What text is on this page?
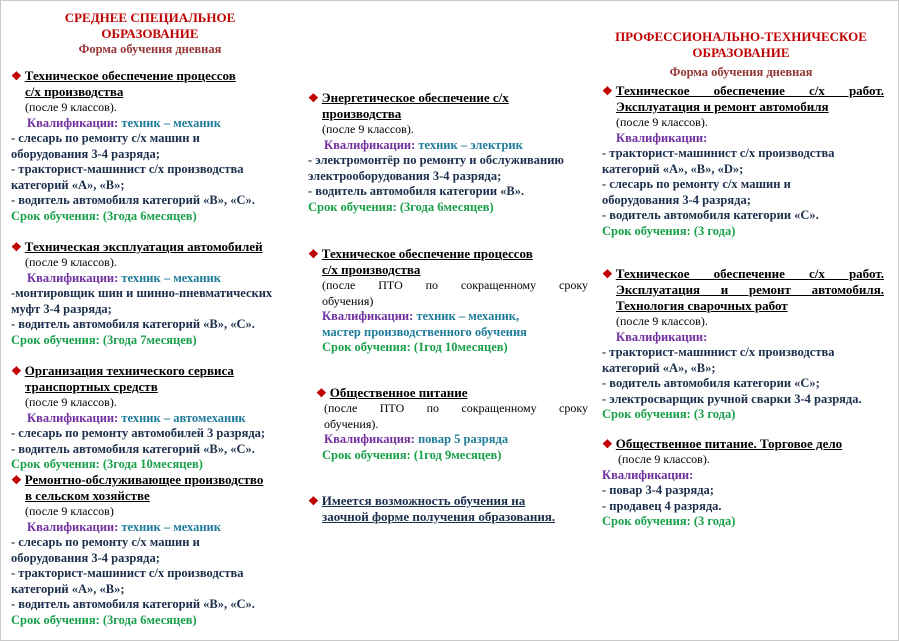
СРЕДНЕЕ СПЕЦИАЛЬНОЕ
ОБРАЗОВАНИЕ
Форма обучения дневная
❖ Техническое обеспечение процессов
с/х производства
(после 9 классов).
Квалификации: техник – механик
- слесарь по ремонту с/х машин и
оборудования 3-4 разряда;
- тракторист-машинист с/х производства
категорий «А», «В»;
- водитель автомобиля категорий «В», «С».
Срок обучения: (3года 6месяцев)
❖ Техническая эксплуатация автомобилей
(после 9 классов).
Квалификации: техник – механик
-монтировщик шин и шинно-пневматических
муфт 3-4 разряда;
- водитель автомобиля категорий «В», «С».
Срок обучения: (3года 7месяцев)
❖ Организация технического сервиса
транспортных средств
(после 9 классов).
Квалификации: техник – автомеханик
- слесарь по ремонту автомобилей 3 разряда;
- водитель автомобиля категорий «В», «С».
Срок обучения: (3года 10месяцев)
❖ Ремонтно-обслуживающее производство
в сельском хозяйстве
(после 9 классов)
Квалификации: техник – механик
- слесарь по ремонту с/х машин и
оборудования 3-4 разряда;
- тракторист-машинист с/х производства
категорий «А», «В»;
- водитель автомобиля категорий «В», «С».
Срок обучения: (3года 6месяцев)
❖ Энергетическое обеспечение с/х
производства
(после 9 классов).
Квалификации: техник – электрик
- электромонтёр по ремонту и обслуживанию
электрооборудования 3-4 разряда;
- водитель автомобиля категории «В».
Срок обучения: (3года 6месяцев)
❖ Техническое обеспечение процессов
с/х производства
(после ПТО по сокращенному сроку
обучения)
Квалификации: техник – механик,
мастер производственного обучения
Срок обучения: (1год 10месяцев)
❖ Общественное питание
(после ПТО по сокращенному сроку
обучения).
Квалификация: повар 5 разряда
Срок обучения: (1год 9месяцев)
❖ Имеется возможность обучения на
заочной форме получения образования.
ПРОФЕССИОНАЛЬНО-ТЕХНИЧЕСКОЕ
ОБРАЗОВАНИЕ
Форма обучения дневная
❖ Техническое обеспечение с/х работ.
Эксплуатация и ремонт автомобиля
(после 9 классов).
Квалификации:
- тракторист-машинист с/х производства
категорий «А», «В», «D»;
- слесарь по ремонту с/х машин и
оборудования 3-4 разряда;
- водитель автомобиля категории «С».
Срок обучения: (3 года)
❖ Техническое обеспечение с/х работ.
Эксплуатация и ремонт автомобиля.
Технология сварочных работ
(после 9 классов).
Квалификации:
- тракторист-машинист с/х производства
категорий «А», «В»;
- водитель автомобиля категории «С»;
- электросварщик ручной сварки 3-4 разряда.
Срок обучения: (3 года)
❖ Общественное питание. Торговое дело
(после 9 классов).
Квалификации:
- повар 3-4 разряда;
- продавец 4 разряда.
Срок обучения: (3 года)
